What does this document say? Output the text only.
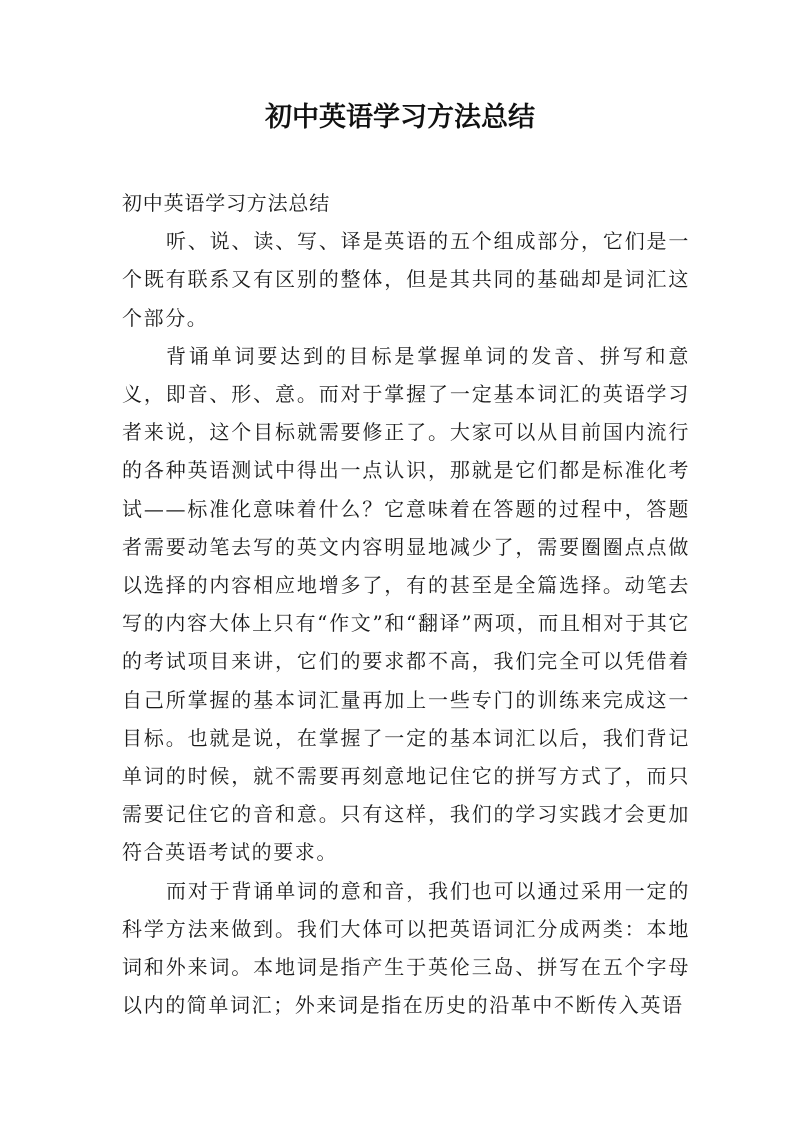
初中英语学习方法总结

初中英语学习方法总结

听、说、读、写、译是英语的五个组成部分，它们是一个既有联系又有区别的整体，但是其共同的基础却是词汇这个部分。

背诵单词要达到的目标是掌握单词的发音、拼写和意义，即音、形、意。而对于掌握了一定基本词汇的英语学习者来说，这个目标就需要修正了。大家可以从目前国内流行的各种英语测试中得出一点认识，那就是它们都是标准化考试——标准化意味着什么？它意味着在答题的过程中，答题者需要动笔去写的英文内容明显地减少了，需要圈圈点点做以选择的内容相应地增多了，有的甚至是全篇选择。动笔去写的内容大体上只有“作文”和“翻译”两项，而且相对于其它的考试项目来讲，它们的要求都不高，我们完全可以凭借着自己所掌握的基本词汇量再加上一些专门的训练来完成这一目标。也就是说，在掌握了一定的基本词汇以后，我们背记单词的时候，就不需要再刻意地记住它的拼写方式了，而只需要记住它的音和意。只有这样，我们的学习实践才会更加符合英语考试的要求。

而对于背诵单词的意和音，我们也可以通过采用一定的科学方法来做到。我们大体可以把英语词汇分成两类：本地词和外来词。本地词是指产生于英伦三岛、拼写在五个字母以内的简单词汇；外来词是指在历史的沿革中不断传入英语
